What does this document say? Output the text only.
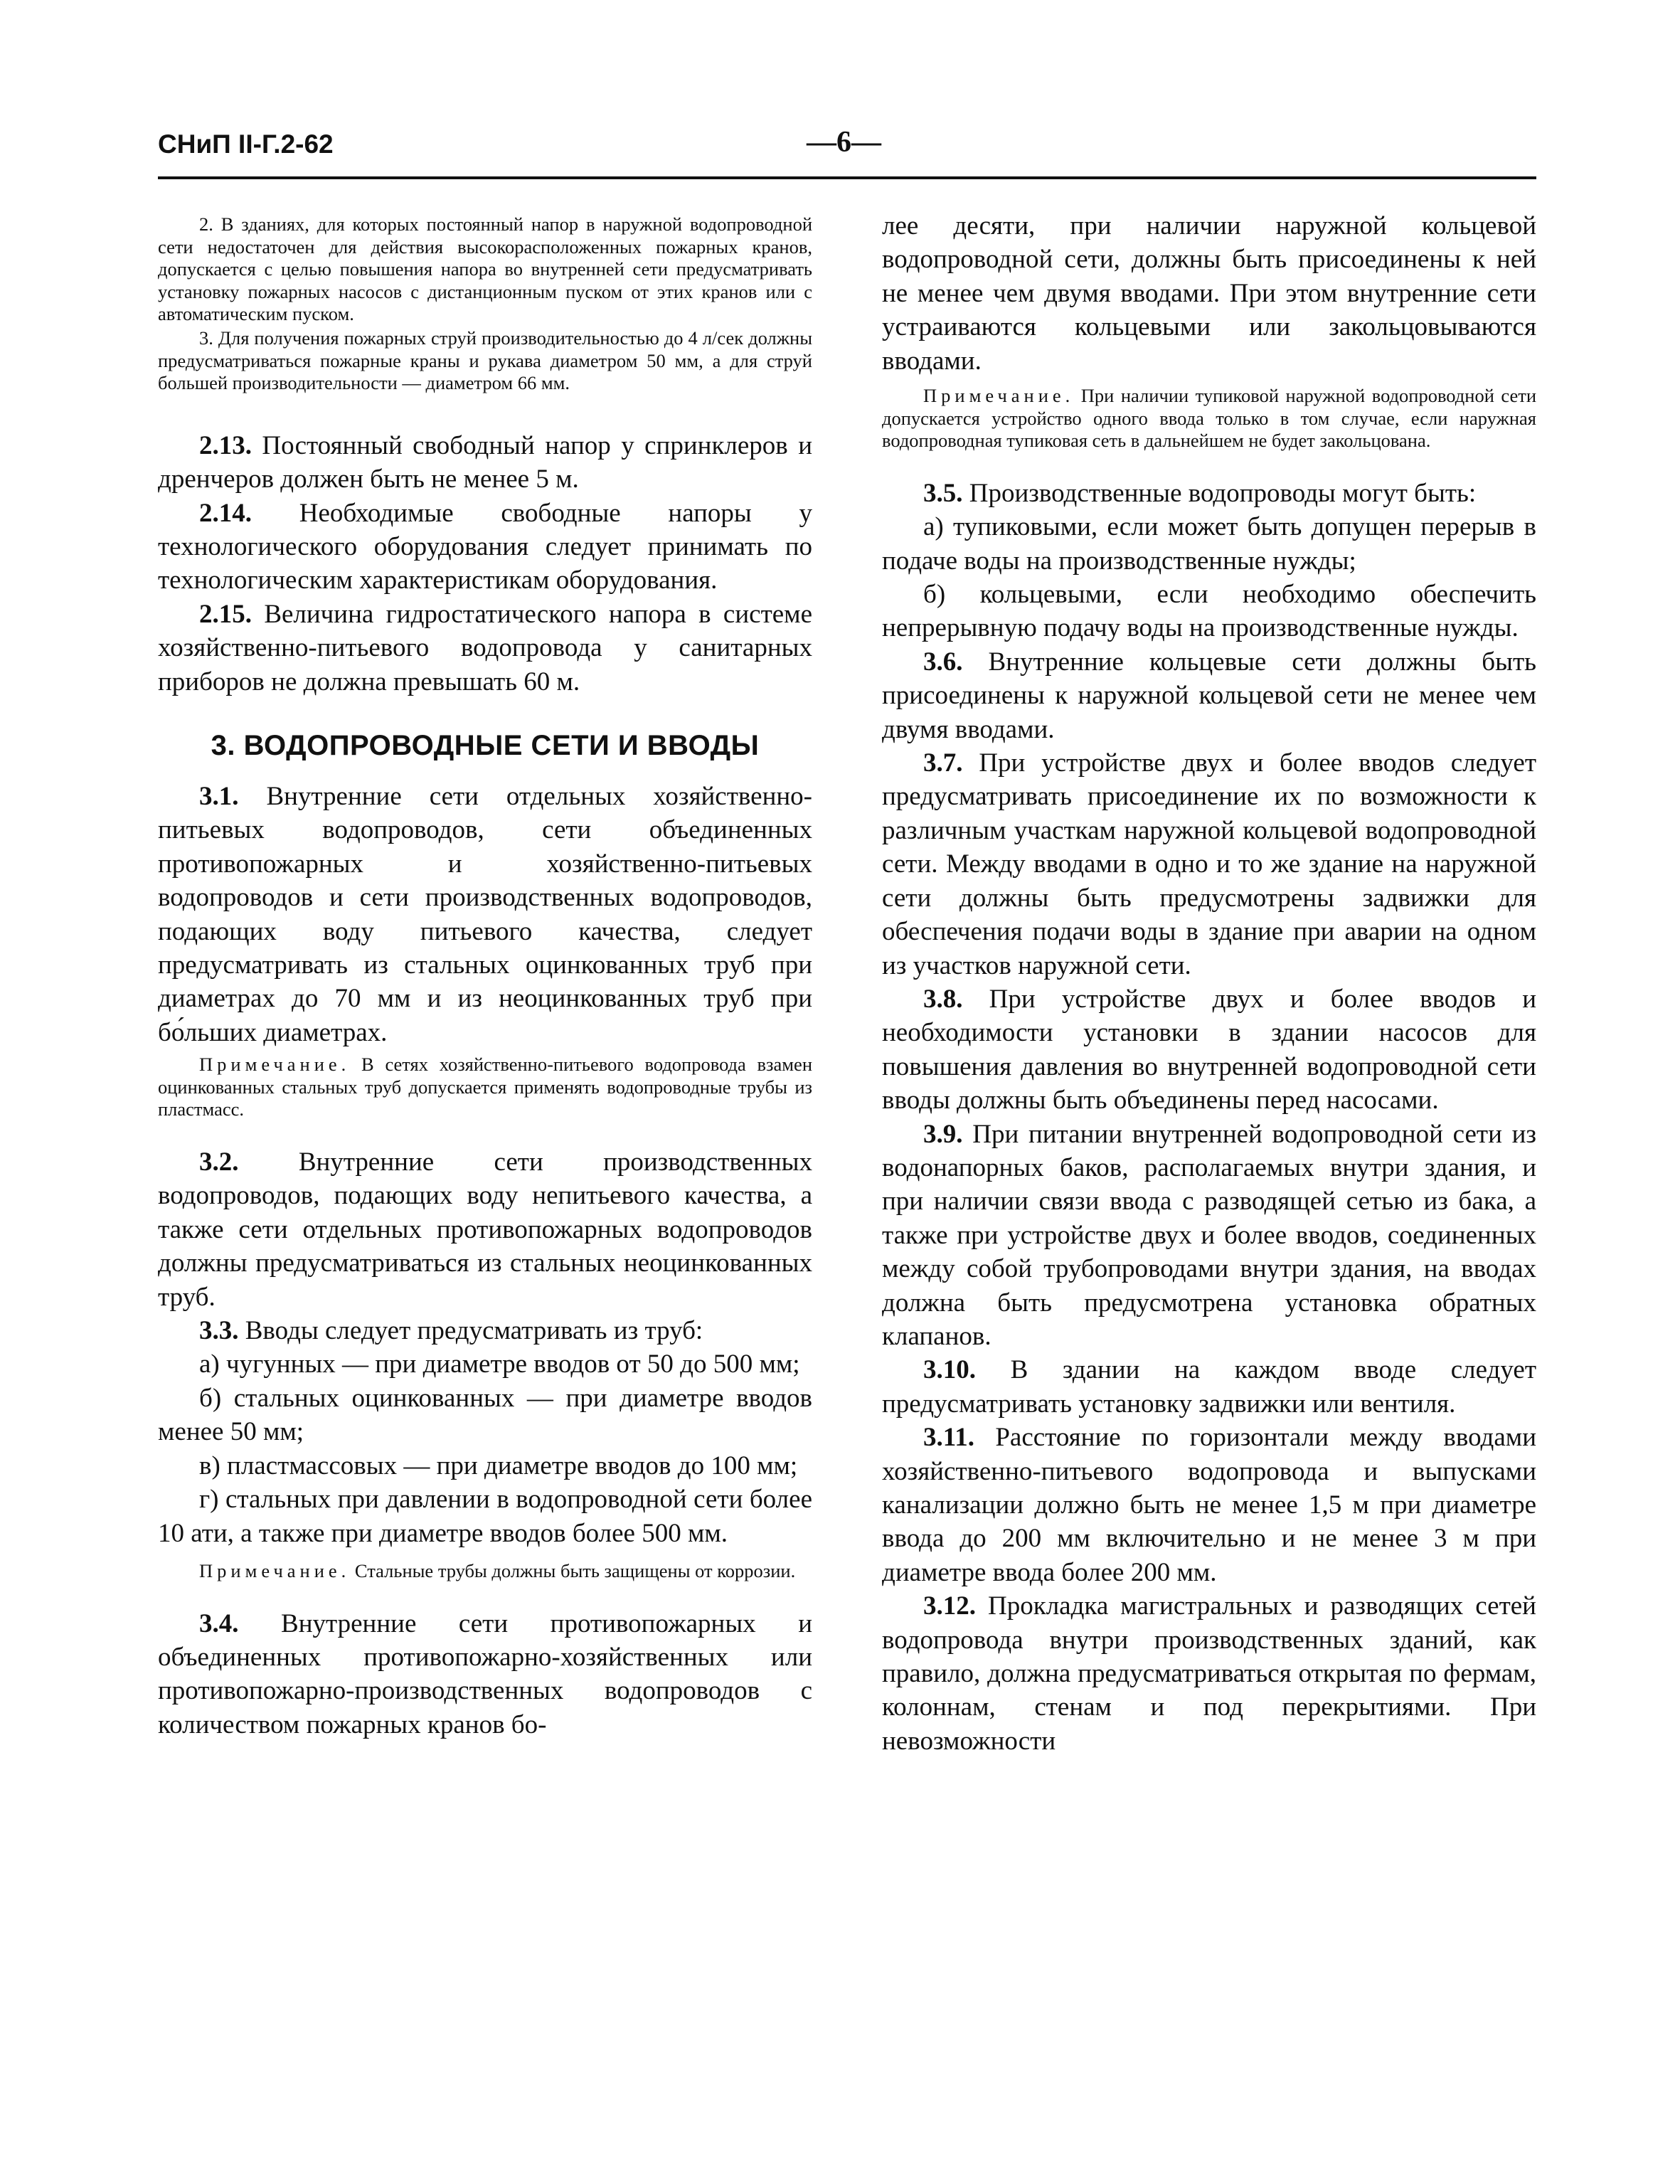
СНиП II-Г.2-62	—6—

2. В зданиях, для которых постоянный напор в наружной водопроводной сети недостаточен для действия высокорасположенных пожарных кранов, допускается с целью повышения напора во внутренней сети предусматривать установку пожарных насосов с дистанционным пуском от этих кранов или с автоматическим пуском.

3. Для получения пожарных струй производительностью до 4 л/сек должны предусматриваться пожарные краны и рукава диаметром 50 мм, а для струй большей производительности — диаметром 66 мм.

2.13. Постоянный свободный напор у спринклеров и дренчеров должен быть не менее 5 м.

2.14. Необходимые свободные напоры у технологического оборудования следует принимать по технологическим характеристикам оборудования.

2.15. Величина гидростатического напора в системе хозяйственно-питьевого водопровода у санитарных приборов не должна превышать 60 м.

3. ВОДОПРОВОДНЫЕ СЕТИ И ВВОДЫ

3.1. Внутренние сети отдельных хозяйственно-питьевых водопроводов, сети объединенных противопожарных и хозяйственно-питьевых водопроводов и сети производственных водопроводов, подающих воду питьевого качества, следует предусматривать из стальных оцинкованных труб при диаметрах до 70 мм и из неоцинкованных труб при бо́льших диаметрах.

Примечание. В сетях хозяйственно-питьевого водопровода взамен оцинкованных стальных труб допускается применять водопроводные трубы из пластмасс.

3.2. Внутренние сети производственных водопроводов, подающих воду непитьевого качества, а также сети отдельных противопожарных водопроводов должны предусматриваться из стальных неоцинкованных труб.

3.3. Вводы следует предусматривать из труб:

а) чугунных — при диаметре вводов от 50 до 500 мм;

б) стальных оцинкованных — при диаметре вводов менее 50 мм;

в) пластмассовых — при диаметре вводов до 100 мм;

г) стальных при давлении в водопроводной сети более 10 ати, а также при диаметре вводов более 500 мм.

Примечание. Стальные трубы должны быть защищены от коррозии.

3.4. Внутренние сети противопожарных и объединенных противопожарно-хозяйственных или противопожарно-производственных водопроводов с количеством пожарных кранов бо-

лее десяти, при наличии наружной кольцевой водопроводной сети, должны быть присоединены к ней не менее чем двумя вводами. При этом внутренние сети устраиваются кольцевыми или закольцовываются вводами.

Примечание. При наличии тупиковой наружной водопроводной сети допускается устройство одного ввода только в том случае, если наружная водопроводная тупиковая сеть в дальнейшем не будет закольцована.

3.5. Производственные водопроводы могут быть:

а) тупиковыми, если может быть допущен перерыв в подаче воды на производственные нужды;

б) кольцевыми, если необходимо обеспечить непрерывную подачу воды на производственные нужды.

3.6. Внутренние кольцевые сети должны быть присоединены к наружной кольцевой сети не менее чем двумя вводами.

3.7. При устройстве двух и более вводов следует предусматривать присоединение их по возможности к различным участкам наружной кольцевой водопроводной сети. Между вводами в одно и то же здание на наружной сети должны быть предусмотрены задвижки для обеспечения подачи воды в здание при аварии на одном из участков наружной сети.

3.8. При устройстве двух и более вводов и необходимости установки в здании насосов для повышения давления во внутренней водопроводной сети вводы должны быть объединены перед насосами.

3.9. При питании внутренней водопроводной сети из водонапорных баков, располагаемых внутри здания, и при наличии связи ввода с разводящей сетью из бака, а также при устройстве двух и более вводов, соединенных между собой трубопроводами внутри здания, на вводах должна быть предусмотрена установка обратных клапанов.

3.10. В здании на каждом вводе следует предусматривать установку задвижки или вентиля.

3.11. Расстояние по горизонтали между вводами хозяйственно-питьевого водопровода и выпусками канализации должно быть не менее 1,5 м при диаметре ввода до 200 мм включительно и не менее 3 м при диаметре ввода более 200 мм.

3.12. Прокладка магистральных и разводящих сетей водопровода внутри производственных зданий, как правило, должна предусматриваться открытая по фермам, колоннам, стенам и под перекрытиями. При невозможности
